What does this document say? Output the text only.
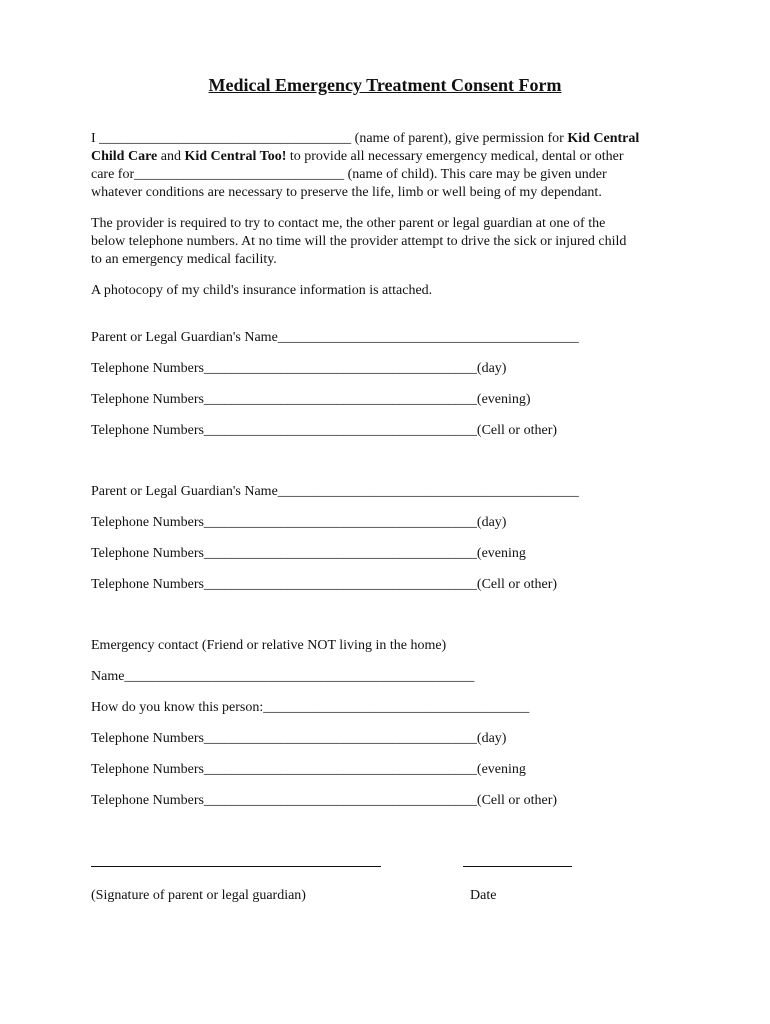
Medical Emergency Treatment Consent Form
I ____________________________________ (name of parent), give permission for Kid Central
Child Care and Kid Central Too! to provide all necessary emergency medical, dental or other
care for______________________________ (name of child). This care may be given under
whatever conditions are necessary to preserve the life, limb or well being of my dependant.
The provider is required to try to contact me, the other parent or legal guardian at one of the
below telephone numbers. At no time will the provider attempt to drive the sick or injured child
to an emergency medical facility.
A photocopy of my child's insurance information is attached.
Parent or Legal Guardian's Name___________________________________________
Telephone Numbers_______________________________________(day)
Telephone Numbers_______________________________________(evening)
Telephone Numbers_______________________________________(Cell or other)
Parent or Legal Guardian's Name___________________________________________
Telephone Numbers_______________________________________(day)
Telephone Numbers_______________________________________(evening
Telephone Numbers_______________________________________(Cell or other)
Emergency contact (Friend or relative NOT living in the home)
Name__________________________________________________
How do you know this person:______________________________________
Telephone Numbers_______________________________________(day)
Telephone Numbers_______________________________________(evening
Telephone Numbers_______________________________________(Cell or other)
(Signature of parent or legal guardian)	Date
